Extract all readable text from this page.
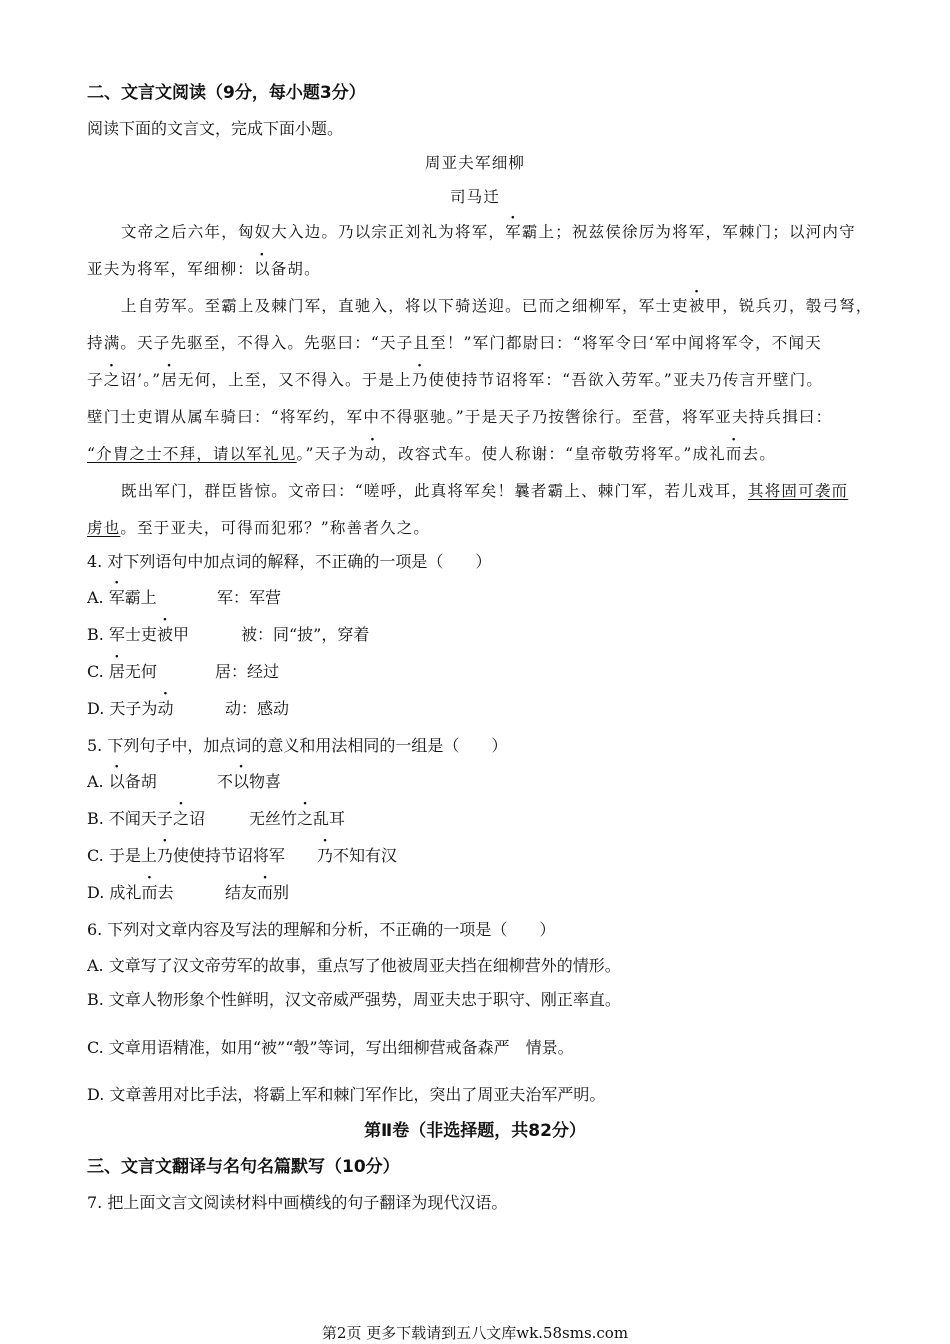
二、文言文阅读（9分，每小题3分）
阅读下面的文言文，完成下面小题。
周亚夫军细柳
司马迁
文帝之后六年，匈奴大入边。乃以宗正刘礼为将军，军霸上；祝兹侯徐厉为将军，军棘门；以河内守
亚夫为将军，军细柳：以备胡。
上自劳军。至霸上及棘门军，直驰入，将以下骑送迎。已而之细柳军，军士吏被甲，锐兵刃，彀弓弩，
持满。天子先驱至，不得入。先驱曰：“天子且至！”军门都尉曰：“将军令曰‘军中闻将军令，不闻天
子之诏’。”居无何，上至，又不得入。于是上乃使使持节诏将军：“吾欲入劳军。”亚夫乃传言开壁门。
壁门士吏谓从属车骑曰：“将军约，军中不得驱驰。”于是天子乃按辔徐行。至营，将军亚夫持兵揖曰：
“介胄之士不拜，请以军礼见。”天子为动，改容式车。使人称谢：“皇帝敬劳将军。”成礼而去。
既出军门，群臣皆惊。文帝曰：“嗟呼，此真将军矣！曩者霸上、棘门军，若儿戏耳，其将固可袭而
虏也。至于亚夫，可得而犯邪？”称善者久之。
4. 对下列语句中加点词的解释，不正确的一项是（　　）
A. 军霸上	军：军营
B. 军士吏被甲	被：同“披”，穿着
C. 居无何	居：经过
D. 天子为动	动：感动
5. 下列句子中，加点词的意义和用法相同的一组是（　　）
A. 以备胡	不以物喜
B. 不闻天子之诏	无丝竹之乱耳
C. 于是上乃使使持节诏将军 乃不知有汉
D. 成礼而去	结友而别
6. 下列对文章内容及写法的理解和分析，不正确的一项是（　　）
A. 文章写了汉文帝劳军的故事，重点写了他被周亚夫挡在细柳营外的情形。
B. 文章人物形象个性鲜明，汉文帝威严强势，周亚夫忠于职守、刚正率直。
C. 文章用语精准，如用“被”“彀”等词，写出细柳营戒备森严　情景。
D. 文章善用对比手法，将霸上军和棘门军作比，突出了周亚夫治军严明。
第Ⅱ卷（非选择题，共82分）
三、文言文翻译与名句名篇默写（10分）
7. 把上面文言文阅读材料中画横线的句子翻译为现代汉语。
第2页 更多下载请到五八文库wk.58sms.com
